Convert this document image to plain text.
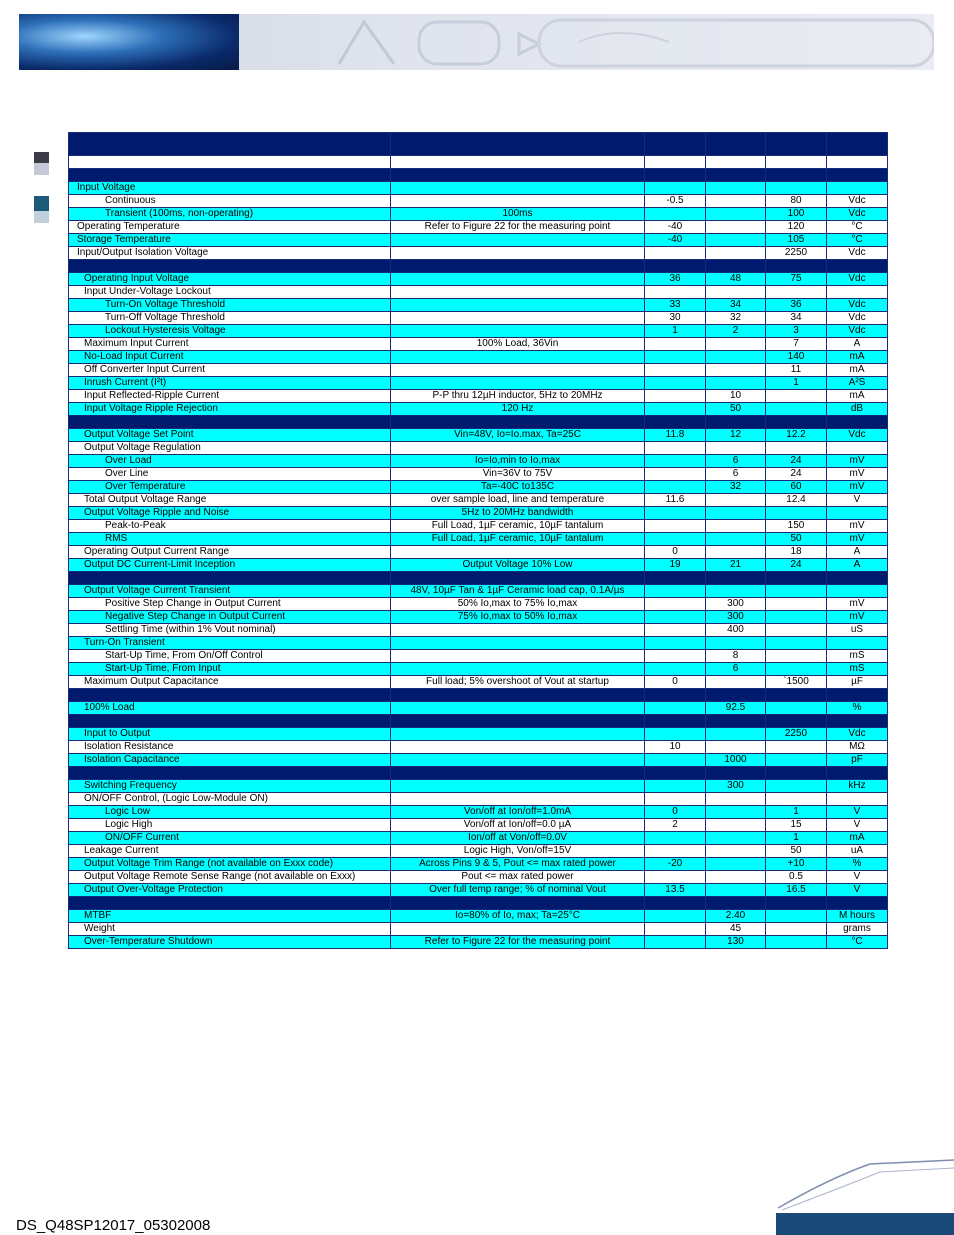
Input Voltage					
Continuous		-0.5		80	Vdc
Transient (100ms, non-operating)	100ms			100	Vdc
Operating Temperature	Refer to Figure 22 for the measuring point	-40		120	°C
Storage Temperature		-40		105	°C
Input/Output Isolation Voltage				2250	Vdc

Operating Input Voltage		36	48	75	Vdc
Input Under-Voltage Lockout					
Turn-On Voltage Threshold		33	34	36	Vdc
Turn-Off Voltage Threshold		30	32	34	Vdc
Lockout Hysteresis Voltage		1	2	3	Vdc
Maximum Input Current	100% Load, 36Vin			7	A
No-Load Input Current				140	mA
Off Converter Input Current				11	mA
Inrush Current (I²t)				1	A²S
Input Reflected-Ripple Current	P-P thru 12µH inductor, 5Hz to 20MHz		10		mA
Input Voltage Ripple Rejection	120 Hz		50		dB

Output Voltage Set Point	Vin=48V, Io=Io.max, Ta=25C	11.8	12	12.2	Vdc
Output Voltage Regulation					
Over Load	Io=Io,min to Io,max		6	24	mV
Over Line	Vin=36V to 75V		6	24	mV
Over Temperature	Ta=-40C to135C		32	60	mV
Total Output Voltage Range	over sample load, line and temperature	11.6		12.4	V
Output Voltage Ripple and Noise	5Hz to 20MHz bandwidth				
Peak-to-Peak	Full Load, 1µF ceramic, 10µF tantalum			150	mV
RMS	Full Load, 1µF ceramic, 10µF tantalum			50	mV
Operating Output Current Range		0		18	A
Output DC Current-Limit Inception	Output Voltage 10% Low	19	21	24	A

Output Voltage Current Transient	48V, 10µF Tan & 1µF Ceramic load cap, 0.1A/µs				
Positive Step Change in Output Current	50% Io,max to 75% Io,max		300		mV
Negative Step Change in Output Current	75% Io,max to 50% Io,max		300		mV
Settling Time (within 1% Vout nominal)			400		uS
Turn-On Transient					
Start-Up Time, From On/Off Control			8		mS
Start-Up Time, From Input			6		mS
Maximum Output Capacitance	Full load; 5% overshoot of Vout at startup	0		`1500	µF

100% Load			92.5		%

Input to Output				2250	Vdc
Isolation Resistance		10			MΩ
Isolation Capacitance			1000		pF

Switching Frequency			300		kHz
ON/OFF Control, (Logic Low-Module ON)					
Logic Low	Von/off at Ion/off=1.0mA	0		1	V
Logic High	Von/off at Ion/off=0.0 µA	2		15	V
ON/OFF Current	Ion/off at Von/off=0.0V			1	mA
Leakage Current	Logic High, Von/off=15V			50	uA
Output Voltage Trim Range (not available on Exxx code)	Across Pins 9 & 5, Pout <= max rated power	-20		+10	%
Output Voltage Remote Sense Range (not available on Exxx)	Pout <= max rated power			0.5	V
Output Over-Voltage Protection	Over full temp range; % of nominal Vout	13.5		16.5	V

MTBF	Io=80% of Io, max; Ta=25°C		2.40		M hours
Weight			45		grams
Over-Temperature Shutdown	Refer to Figure 22 for the measuring point		130		°C
DS_Q48SP12017_05302008
